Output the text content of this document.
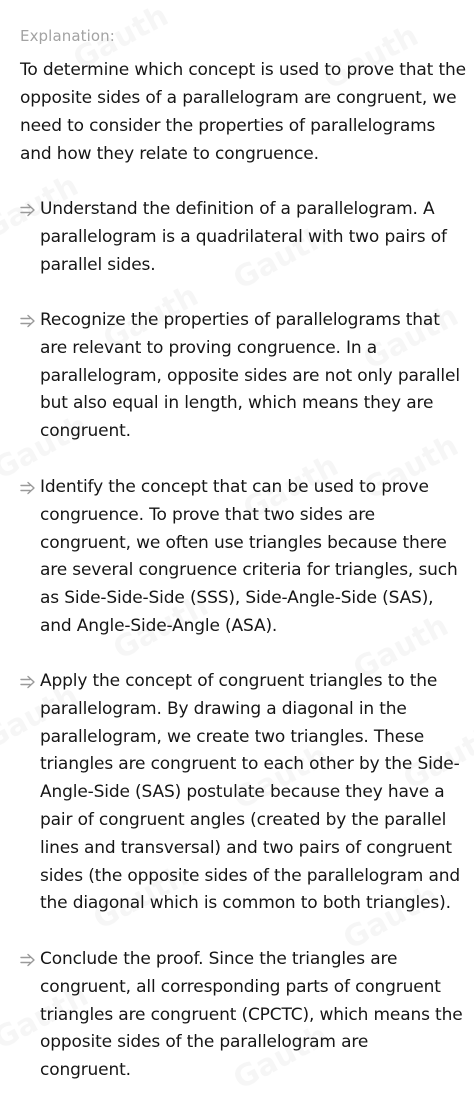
Explanation:
To determine which concept is used to prove that the opposite sides of a parallelogram are congruent, we need to consider the properties of parallelograms and how they relate to congruence.
Understand the definition of a parallelogram. A parallelogram is a quadrilateral with two pairs of parallel sides.
Recognize the properties of parallelograms that are relevant to proving congruence. In a parallelogram, opposite sides are not only parallel but also equal in length, which means they are congruent.
Identify the concept that can be used to prove congruence. To prove that two sides are congruent, we often use triangles because there are several congruence criteria for triangles, such as Side-Side-Side (SSS), Side-Angle-Side (SAS), and Angle-Side-Angle (ASA).
Apply the concept of congruent triangles to the parallelogram. By drawing a diagonal in the parallelogram, we create two triangles. These triangles are congruent to each other by the Side-Angle-Side (SAS) postulate because they have a pair of congruent angles (created by the parallel lines and transversal) and two pairs of congruent sides (the opposite sides of the parallelogram and the diagonal which is common to both triangles).
Conclude the proof. Since the triangles are congruent, all corresponding parts of congruent triangles are congruent (CPCTC), which means the opposite sides of the parallelogram are congruent.
